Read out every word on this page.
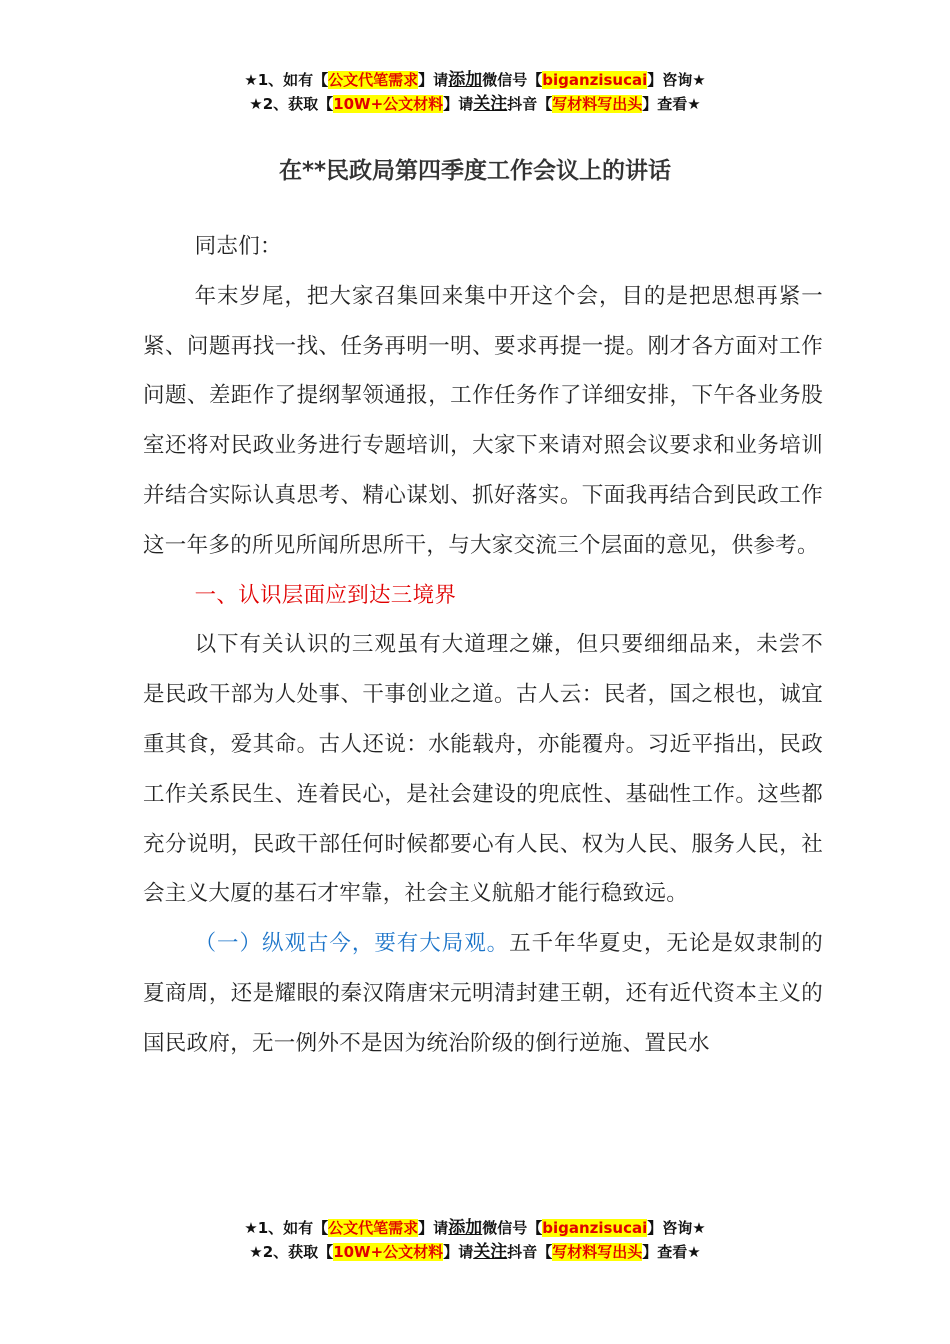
★1、如有【公文代笔需求】请添加微信号【biganzisucai】咨询★
★2、获取【10W+公文材料】请关注抖音【写材料写出头】查看★
在**民政局第四季度工作会议上的讲话

同志们：

年末岁尾，把大家召集回来集中开这个会，目的是把思想再紧一紧、问题再找一找、任务再明一明、要求再提一提。刚才各方面对工作问题、差距作了提纲挈领通报，工作任务作了详细安排，下午各业务股室还将对民政业务进行专题培训，大家下来请对照会议要求和业务培训并结合实际认真思考、精心谋划、抓好落实。下面我再结合到民政工作这一年多的所见所闻所思所干，与大家交流三个层面的意见，供参考。

一、认识层面应到达三境界

以下有关认识的三观虽有大道理之嫌，但只要细细品来，未尝不是民政干部为人处事、干事创业之道。古人云：民者，国之根也，诚宜重其食，爱其命。古人还说：水能载舟，亦能覆舟。习近平指出，民政工作关系民生、连着民心，是社会建设的兜底性、基础性工作。这些都充分说明，民政干部任何时候都要心有人民、权为人民、服务人民，社会主义大厦的基石才牢靠，社会主义航船才能行稳致远。

（一）纵观古今，要有大局观。五千年华夏史，无论是奴隶制的夏商周，还是耀眼的秦汉隋唐宋元明清封建王朝，还有近代资本主义的国民政府，无一例外不是因为统治阶级的倒行逆施、置民水

★1、如有【公文代笔需求】请添加微信号【biganzisucai】咨询★
★2、获取【10W+公文材料】请关注抖音【写材料写出头】查看★
